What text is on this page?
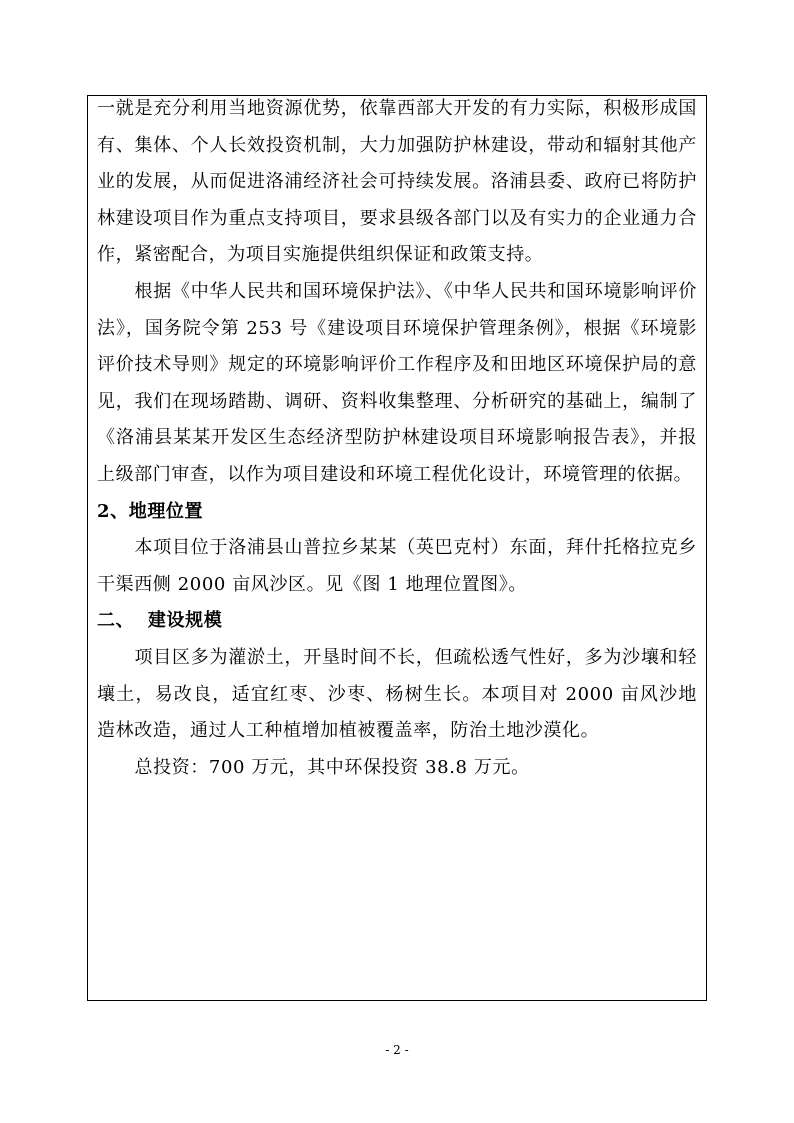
一就是充分利用当地资源优势，依靠西部大开发的有力实际，积极形成国
有、集体、个人长效投资机制，大力加强防护林建设，带动和辐射其他产
业的发展，从而促进洛浦经济社会可持续发展。洛浦县委、政府已将防护
林建设项目作为重点支持项目，要求县级各部门以及有实力的企业通力合
作，紧密配合，为项目实施提供组织保证和政策支持。
根据《中华人民共和国环境保护法》、《中华人民共和国环境影响评价
法》，国务院令第 253 号《建设项目环境保护管理条例》，根据《环境影
评价技术导则》规定的环境影响评价工作程序及和田地区环境保护局的意
见，我们在现场踏勘、调研、资料收集整理、分析研究的基础上，编制了
《洛浦县某某开发区生态经济型防护林建设项目环境影响报告表》，并报
上级部门审查，以作为项目建设和环境工程优化设计，环境管理的依据。
2、地理位置
本项目位于洛浦县山普拉乡某某（英巴克村）东面，拜什托格拉克乡
干渠西侧 2000 亩风沙区。见《图 1 地理位置图》。
二、  建设规模
项目区多为灌淤土，开垦时间不长，但疏松透气性好，多为沙壤和轻
壤土，易改良，适宜红枣、沙枣、杨树生长。本项目对 2000 亩风沙地
造林改造，通过人工种植增加植被覆盖率，防治土地沙漠化。
总投资：700 万元，其中环保投资 38.8 万元。
- 2 -
